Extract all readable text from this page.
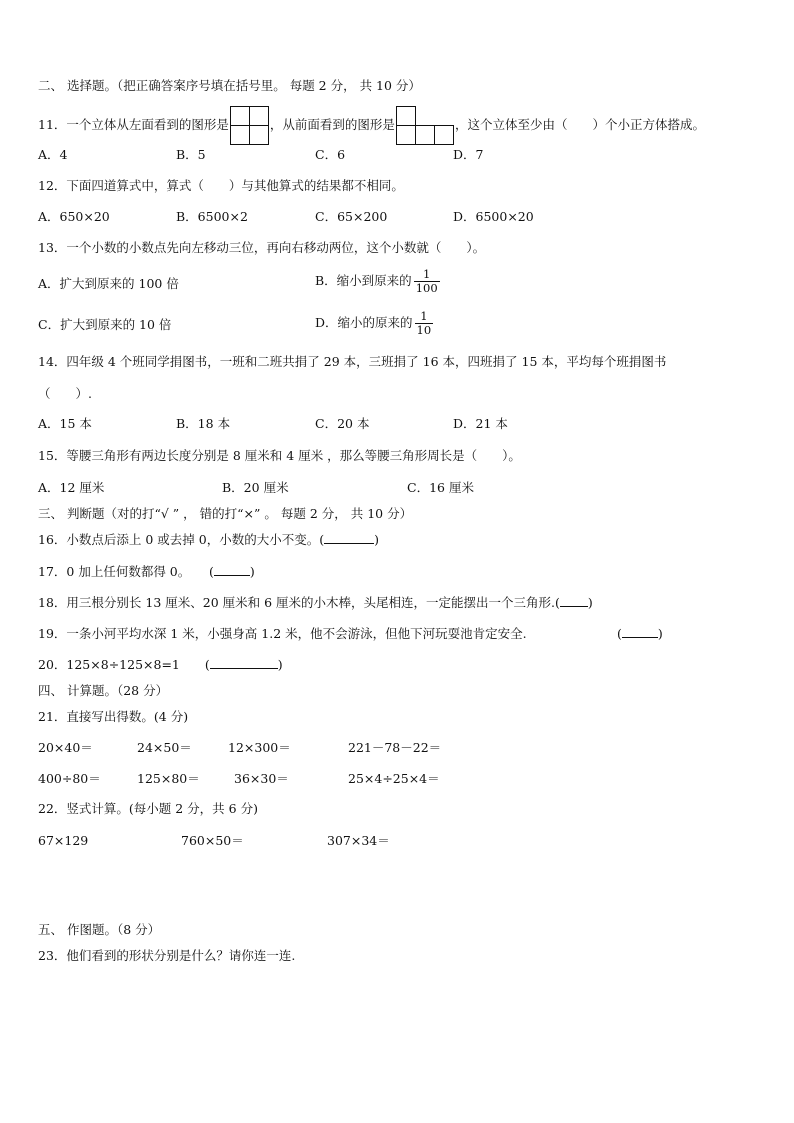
二、 选择题。（把正确答案序号填在括号里。 每题 2 分， 共 10 分）
11．一个立体从左面看到的图形是	
		，从前面看到的图形是		
			，这个立体至少由（　　）个小正方体搭成。
A．4	B．5	C．6	D．7
12．下面四道算式中，算式（　　）与其他算式的结果都不相同。
A．650×20	B．6500×2	C．65×200	D．6500×20
13．一个小数的小数点先向左移动三位，再向右移动两位，这个小数就（　　）。
A．扩大到原来的 100 倍	B．缩小到原来的 $\frac{1}{100}$
C．扩大到原来的 10 倍	D．缩小的原来的 $\frac{1}{10}$
14．四年级 4 个班同学捐图书，一班和二班共捐了 29 本，三班捐了 16 本，四班捐了 15 本，平均每个班捐图书
（　　）.
A．15 本	B．18 本	C．20 本	D．21 本
15．等腰三角形有两边长度分别是 8 厘米和 4 厘米 ，那么等腰三角形周长是（　　）。
A．12 厘米	B．20 厘米	C．16 厘米
三、 判断题（对的打“√ ” ， 错的打“×” 。 每题 2 分， 共 10 分）
16．小数点后添上 0 或去掉 0，小数的大小不变。(	)
17．0 加上任何数都得 0。　　(	)
18．用三根分别长 13 厘米、20 厘米和 6 厘米的小木棒，头尾相连，一定能摆出一个三角形.( )
19．一条小河平均水深 1 米，小强身高 1.2 米，他不会游泳，但他下河玩耍池肯定安全.	(	)
20．125×8÷125×8=1　　(	)
四、 计算题。（28 分）
21．直接写出得数。(4 分)
20×40＝	24×50＝	12×300＝	221－78－22＝
400÷80＝	125×80＝	36×30＝	25×4÷25×4＝
22．竖式计算。(每小题 2 分，共 6 分)
67×129	760×50＝	307×34＝
五、 作图题。（8 分）
23．他们看到的形状分别是什么？请你连一连.
